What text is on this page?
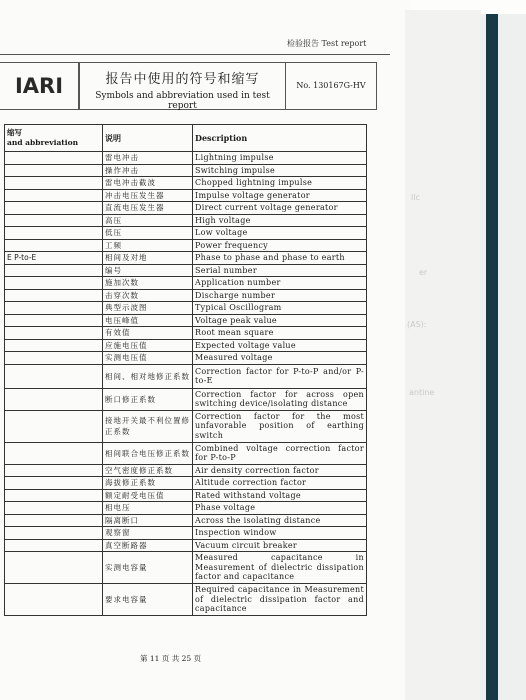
检验报告 Test report
IARI	报告中使用的符号和缩写
Symbols and abbreviation used in test report
No. 130167G-HV
缩写
and abbreviation	说明	Description
	雷电冲击	Lightning impulse
	操作冲击	Switching impulse
	雷电冲击截波	Chopped lightning impulse
	冲击电压发生器	Impulse voltage generator
	直流电压发生器	Direct current voltage generator
	高压	High voltage
	低压	Low voltage
	工频	Power frequency
E P-to-E	相间及对地	Phase to phase and phase to earth
	编号	Serial number
	施加次数	Application number
	击穿次数	Discharge number
	典型示波图	Typical Oscillogram
	电压峰值	Voltage peak value
	有效值	Root mean square
	应施电压值	Expected voltage value
	实测电压值	Measured voltage
	相间、相对地修正系数	Correction factor for P-to-P and/or P-to-E
	断口修正系数	Correction factor for across open switching device/isolating distance
	接地开关最不利位置修正系数	Correction factor for the most unfavorable position of earthing switch
	相间联合电压修正系数	Combined voltage correction factor for P-to-P
	空气密度修正系数	Air density correction factor
	海拔修正系数	Altitude correction factor
	额定耐受电压值	Rated withstand voltage
	相电压	Phase voltage
	隔离断口	Across the isolating distance
	观察窗	Inspection window
	真空断路器	Vacuum circuit breaker
	实测电容量	Measured capacitance in Measurement of dielectric dissipation factor and capacitance
	要求电容量	Required capacitance in Measurement of dielectric dissipation factor and capacitance
第 11 页 共 25 页
llc
(AS):
er
antine
